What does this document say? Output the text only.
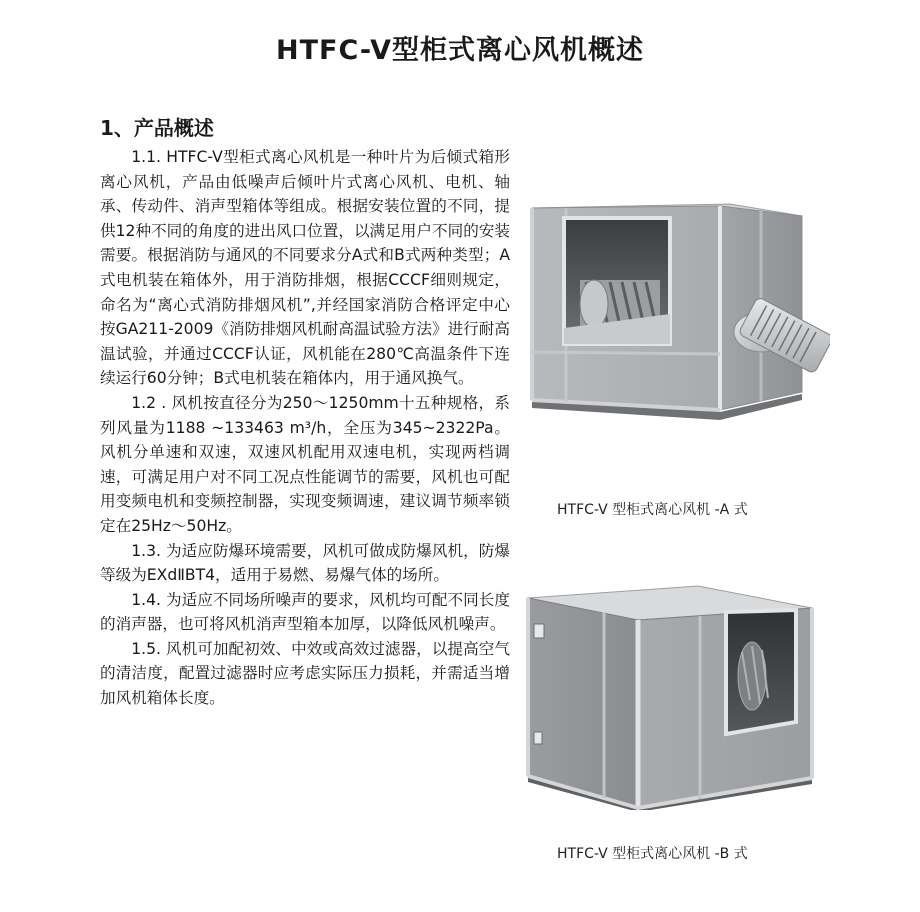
HTFC-V型柜式离心风机概述
1、产品概述

1.1. HTFC-V型柜式离心风机是一种叶片为后倾式箱形离心风机，产品由低噪声后倾叶片式离心风机、电机、轴承、传动件、消声型箱体等组成。根据安装位置的不同，提供12种不同的角度的进出风口位置，以满足用户不同的安装需要。根据消防与通风的不同要求分A式和B式两种类型；A式电机装在箱体外，用于消防排烟，根据CCCF细则规定，命名为“离心式消防排烟风机”,并经国家消防合格评定中心按GA211-2009《消防排烟风机耐高温试验方法》进行耐高温试验，并通过CCCF认证，风机能在280℃高温条件下连续运行60分钟；B式电机装在箱体内，用于通风换气。

1.2 . 风机按直径分为250～1250mm十五种规格，系列风量为1188 ~133463 m³/h，全压为345~2322Pa。风机分单速和双速，双速风机配用双速电机，实现两档调速，可满足用户对不同工况点性能调节的需要，风机也可配用变频电机和变频控制器，实现变频调速，建议调节频率锁定在25Hz～50Hz。

1.3. 为适应防爆环境需要，风机可做成防爆风机，防爆等级为EXdⅡBT4，适用于易燃、易爆气体的场所。

1.4. 为适应不同场所噪声的要求，风机均可配不同长度的消声器，也可将风机消声型箱本加厚，以降低风机噪声。

1.5. 风机可加配初效、中效或高效过滤器，以提高空气的清洁度，配置过滤器时应考虑实际压力损耗，并需适当增加风机箱体长度。

HTFC-V 型柜式离心风机 -A 式

HTFC-V 型柜式离心风机 -B 式
